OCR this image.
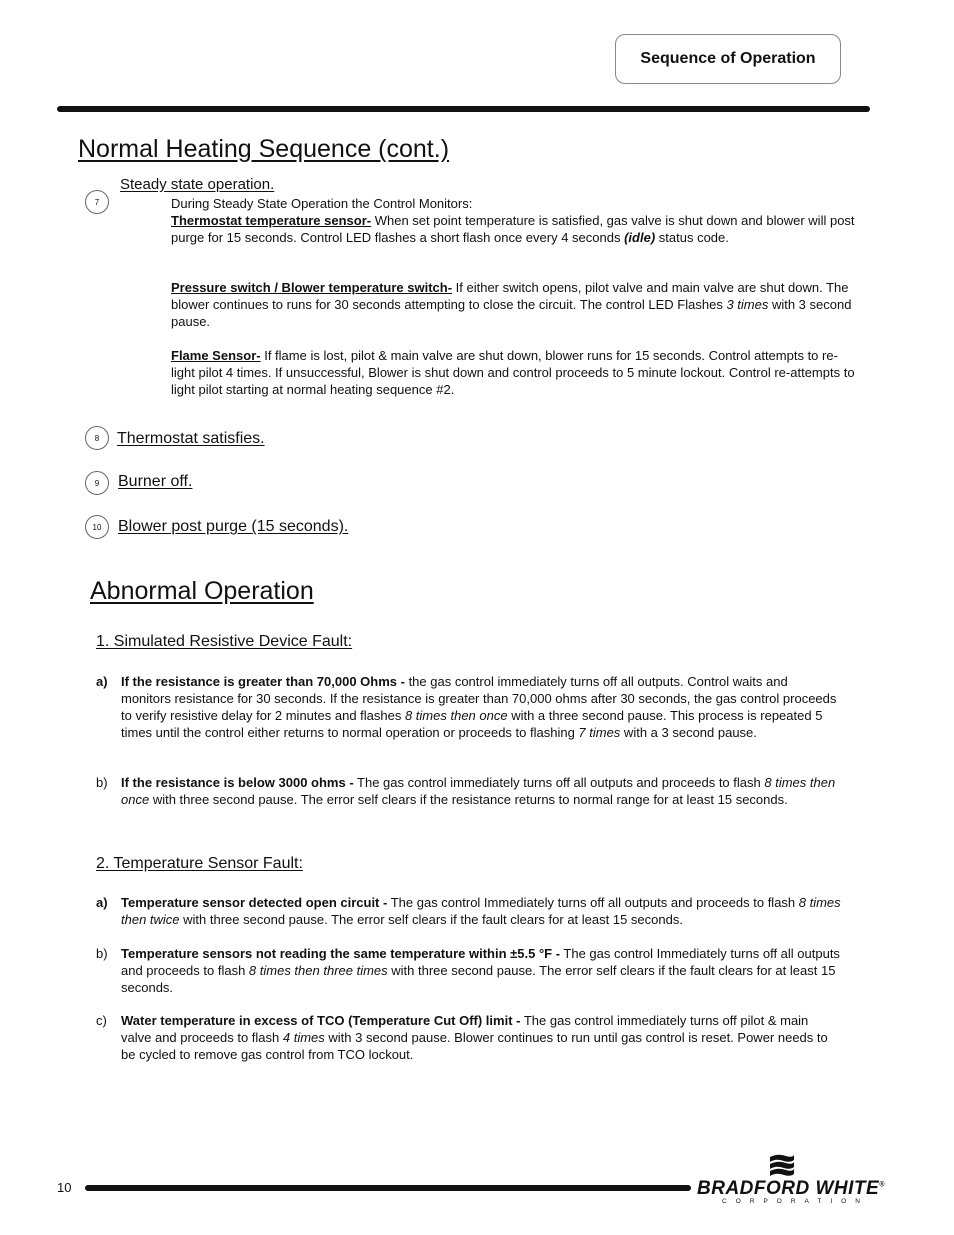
Sequence of Operation
Normal Heating Sequence (cont.)
7
Steady state operation.
During Steady State Operation the Control Monitors:
Thermostat temperature sensor- When set point temperature is satisfied, gas valve is shut down and blower will post purge for 15 seconds. Control LED flashes a short flash once every 4 seconds (idle) status code.
Pressure switch / Blower temperature switch- If either switch opens, pilot valve and main valve are shut down. The blower continues to runs for 30 seconds attempting to close the circuit. The control LED Flashes 3 times with 3 second pause.
Flame Sensor- If flame is lost, pilot & main valve are shut down, blower runs for 15 seconds. Control attempts to re-light pilot 4 times. If unsuccessful, Blower is shut down and control proceeds to 5 minute lockout. Control re-attempts to light pilot starting at normal heating sequence #2.
8	Thermostat satisfies.
9	Burner off.
10	Blower post purge (15 seconds).
Abnormal Operation
1. Simulated Resistive Device Fault:
a) If the resistance is greater than 70,000 Ohms - the gas control immediately turns off all outputs. Control waits and monitors resistance for 30 seconds. If the resistance is greater than 70,000 ohms after 30 seconds, the gas control proceeds to verify resistive delay for 2 minutes and flashes 8 times then once with a three second pause. This process is repeated 5 times until the control either returns to normal operation or proceeds to flashing 7 times with a 3 second pause.
b) If the resistance is below 3000 ohms - The gas control immediately turns off all outputs and proceeds to flash 8 times then once with three second pause. The error self clears if the resistance returns to normal range for at least 15 seconds.
2. Temperature Sensor Fault:
a) Temperature sensor detected open circuit - The gas control Immediately turns off all outputs and proceeds to flash 8 times then twice with three second pause. The error self clears if the fault clears for at least 15 seconds.
b) Temperature sensors not reading the same temperature within ±5.5 °F - The gas control Immediately turns off all outputs and proceeds to flash 8 times then three times with three second pause. The error self clears if the fault clears for at least 15 seconds.
c) Water temperature in excess of TCO (Temperature Cut Off) limit - The gas control immediately turns off pilot & main valve and proceeds to flash 4 times with 3 second pause. Blower continues to run until gas control is reset. Power needs to be cycled to remove gas control from TCO lockout.
10	BRADFORD WHITE®
CORPORATION
